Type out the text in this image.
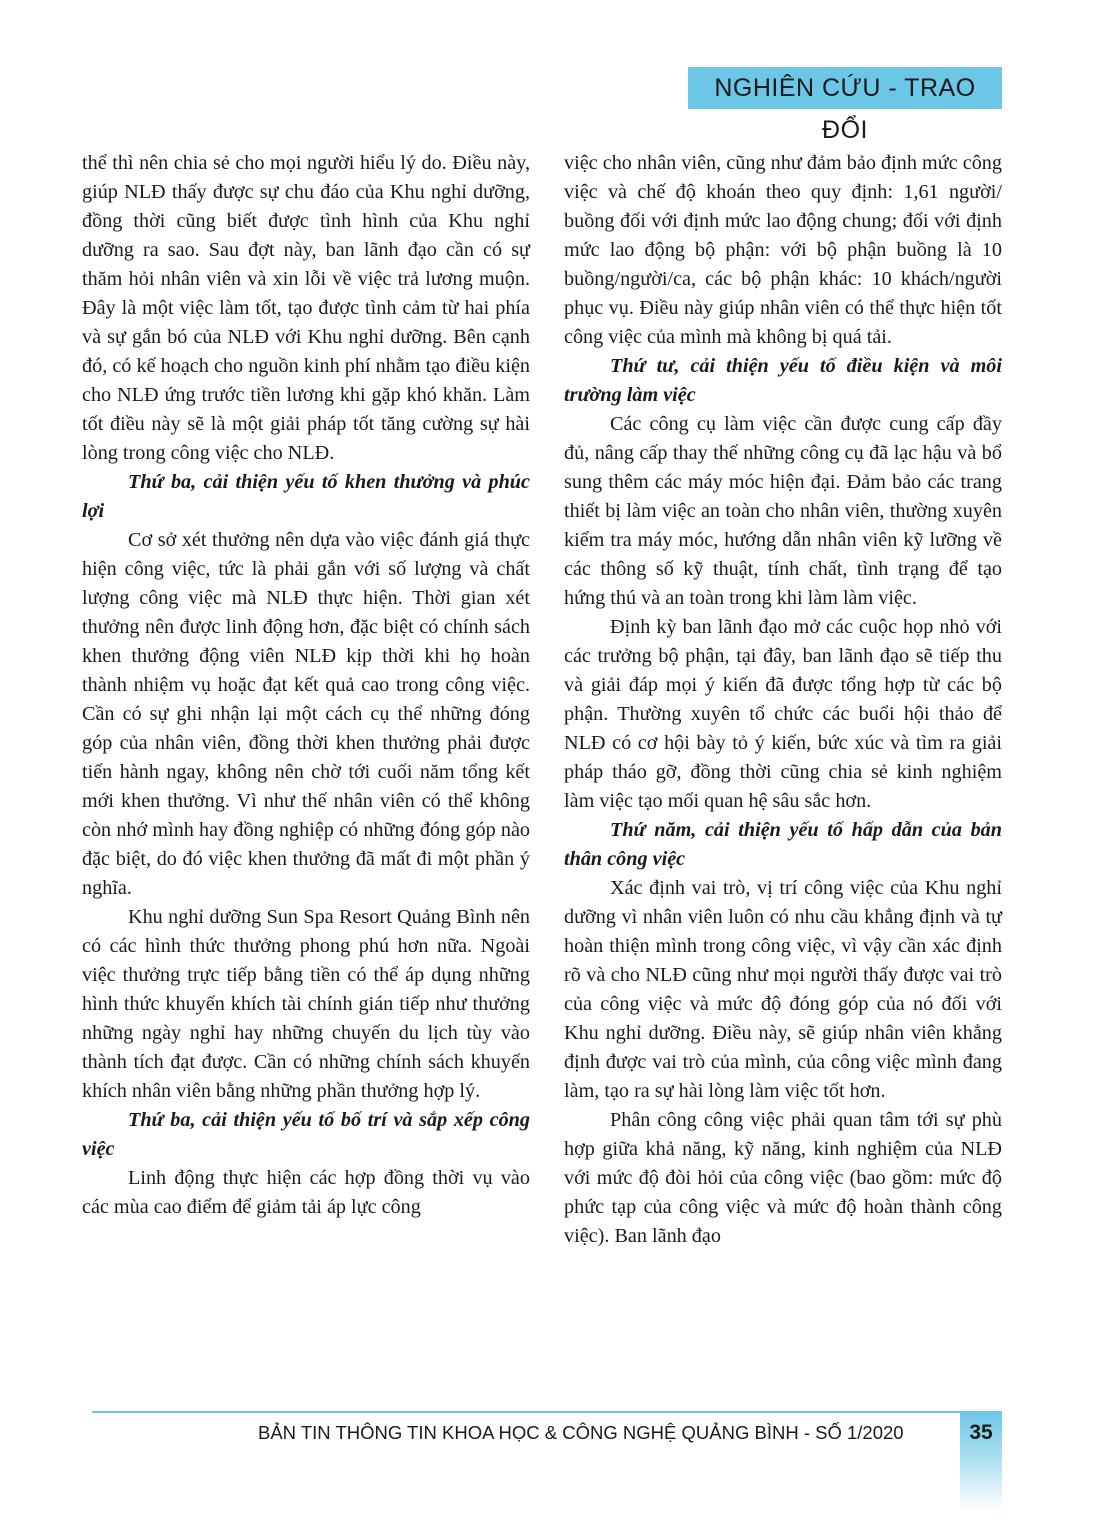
NGHIÊN CỨU - TRAO ĐỔI

thể thì nên chia sẻ cho mọi người hiểu lý do. Điều này, giúp NLĐ thấy được sự chu đáo của Khu nghỉ dưỡng, đồng thời cũng biết được tình hình của Khu nghỉ dưỡng ra sao. Sau đợt này, ban lãnh đạo cần có sự thăm hỏi nhân viên và xin lỗi về việc trả lương muộn. Đây là một việc làm tốt, tạo được tình cảm từ hai phía và sự gắn bó của NLĐ với Khu nghỉ dưỡng. Bên cạnh đó, có kế hoạch cho nguồn kinh phí nhằm tạo điều kiện cho NLĐ ứng trước tiền lương khi gặp khó khăn. Làm tốt điều này sẽ là một giải pháp tốt tăng cường sự hài lòng trong công việc cho NLĐ.

Thứ ba, cải thiện yếu tố khen thưởng và phúc lợi

Cơ sở xét thưởng nên dựa vào việc đánh giá thực hiện công việc, tức là phải gắn với số lượng và chất lượng công việc mà NLĐ thực hiện. Thời gian xét thưởng nên được linh động hơn, đặc biệt có chính sách khen thưởng động viên NLĐ kịp thời khi họ hoàn thành nhiệm vụ hoặc đạt kết quả cao trong công việc. Cần có sự ghi nhận lại một cách cụ thể những đóng góp của nhân viên, đồng thời khen thưởng phải được tiến hành ngay, không nên chờ tới cuối năm tổng kết mới khen thưởng. Vì như thế nhân viên có thể không còn nhớ mình hay đồng nghiệp có những đóng góp nào đặc biệt, do đó việc khen thưởng đã mất đi một phần ý nghĩa.

Khu nghỉ dưỡng Sun Spa Resort Quảng Bình nên có các hình thức thưởng phong phú hơn nữa. Ngoài việc thưởng trực tiếp bằng tiền có thể áp dụng những hình thức khuyến khích tài chính gián tiếp như thưởng những ngày nghỉ hay những chuyến du lịch tùy vào thành tích đạt được. Cần có những chính sách khuyến khích nhân viên bằng những phần thưởng hợp lý.

Thứ ba, cải thiện yếu tố bố trí và sắp xếp công việc

Linh động thực hiện các hợp đồng thời vụ vào các mùa cao điểm để giảm tải áp lực công

việc cho nhân viên, cũng như đảm bảo định mức công việc và chế độ khoán theo quy định: 1,61 người/ buồng đối với định mức lao động chung; đối với định mức lao động bộ phận: với bộ phận buồng là 10 buồng/người/ca, các bộ phận khác: 10 khách/người phục vụ. Điều này giúp nhân viên có thể thực hiện tốt công việc của mình mà không bị quá tải.

Thứ tư, cải thiện yếu tố điều kiện và môi trường làm việc

Các công cụ làm việc cần được cung cấp đầy đủ, nâng cấp thay thế những công cụ đã lạc hậu và bổ sung thêm các máy móc hiện đại. Đảm bảo các trang thiết bị làm việc an toàn cho nhân viên, thường xuyên kiểm tra máy móc, hướng dẫn nhân viên kỹ lưỡng về các thông số kỹ thuật, tính chất, tình trạng để tạo hứng thú và an toàn trong khi làm làm việc.

Định kỳ ban lãnh đạo mở các cuộc họp nhỏ với các trưởng bộ phận, tại đây, ban lãnh đạo sẽ tiếp thu và giải đáp mọi ý kiến đã được tổng hợp từ các bộ phận. Thường xuyên tổ chức các buổi hội thảo để NLĐ có cơ hội bày tỏ ý kiến, bức xúc và tìm ra giải pháp tháo gỡ, đồng thời cũng chia sẻ kinh nghiệm làm việc tạo mối quan hệ sâu sắc hơn.

Thứ năm, cải thiện yếu tố hấp dẫn của bản thân công việc

Xác định vai trò, vị trí công việc của Khu nghỉ dưỡng vì nhân viên luôn có nhu cầu khẳng định và tự hoàn thiện mình trong công việc, vì vậy cần xác định rõ và cho NLĐ cũng như mọi người thấy được vai trò của công việc và mức độ đóng góp của nó đối với Khu nghỉ dưỡng. Điều này, sẽ giúp nhân viên khẳng định được vai trò của mình, của công việc mình đang làm, tạo ra sự hài lòng làm việc tốt hơn.

Phân công công việc phải quan tâm tới sự phù hợp giữa khả năng, kỹ năng, kinh nghiệm của NLĐ với mức độ đòi hỏi của công việc (bao gồm: mức độ phức tạp của công việc và mức độ hoàn thành công việc). Ban lãnh đạo

BẢN TIN THÔNG TIN KHOA HỌC & CÔNG NGHỆ QUẢNG BÌNH - SỐ 1/2020	35
